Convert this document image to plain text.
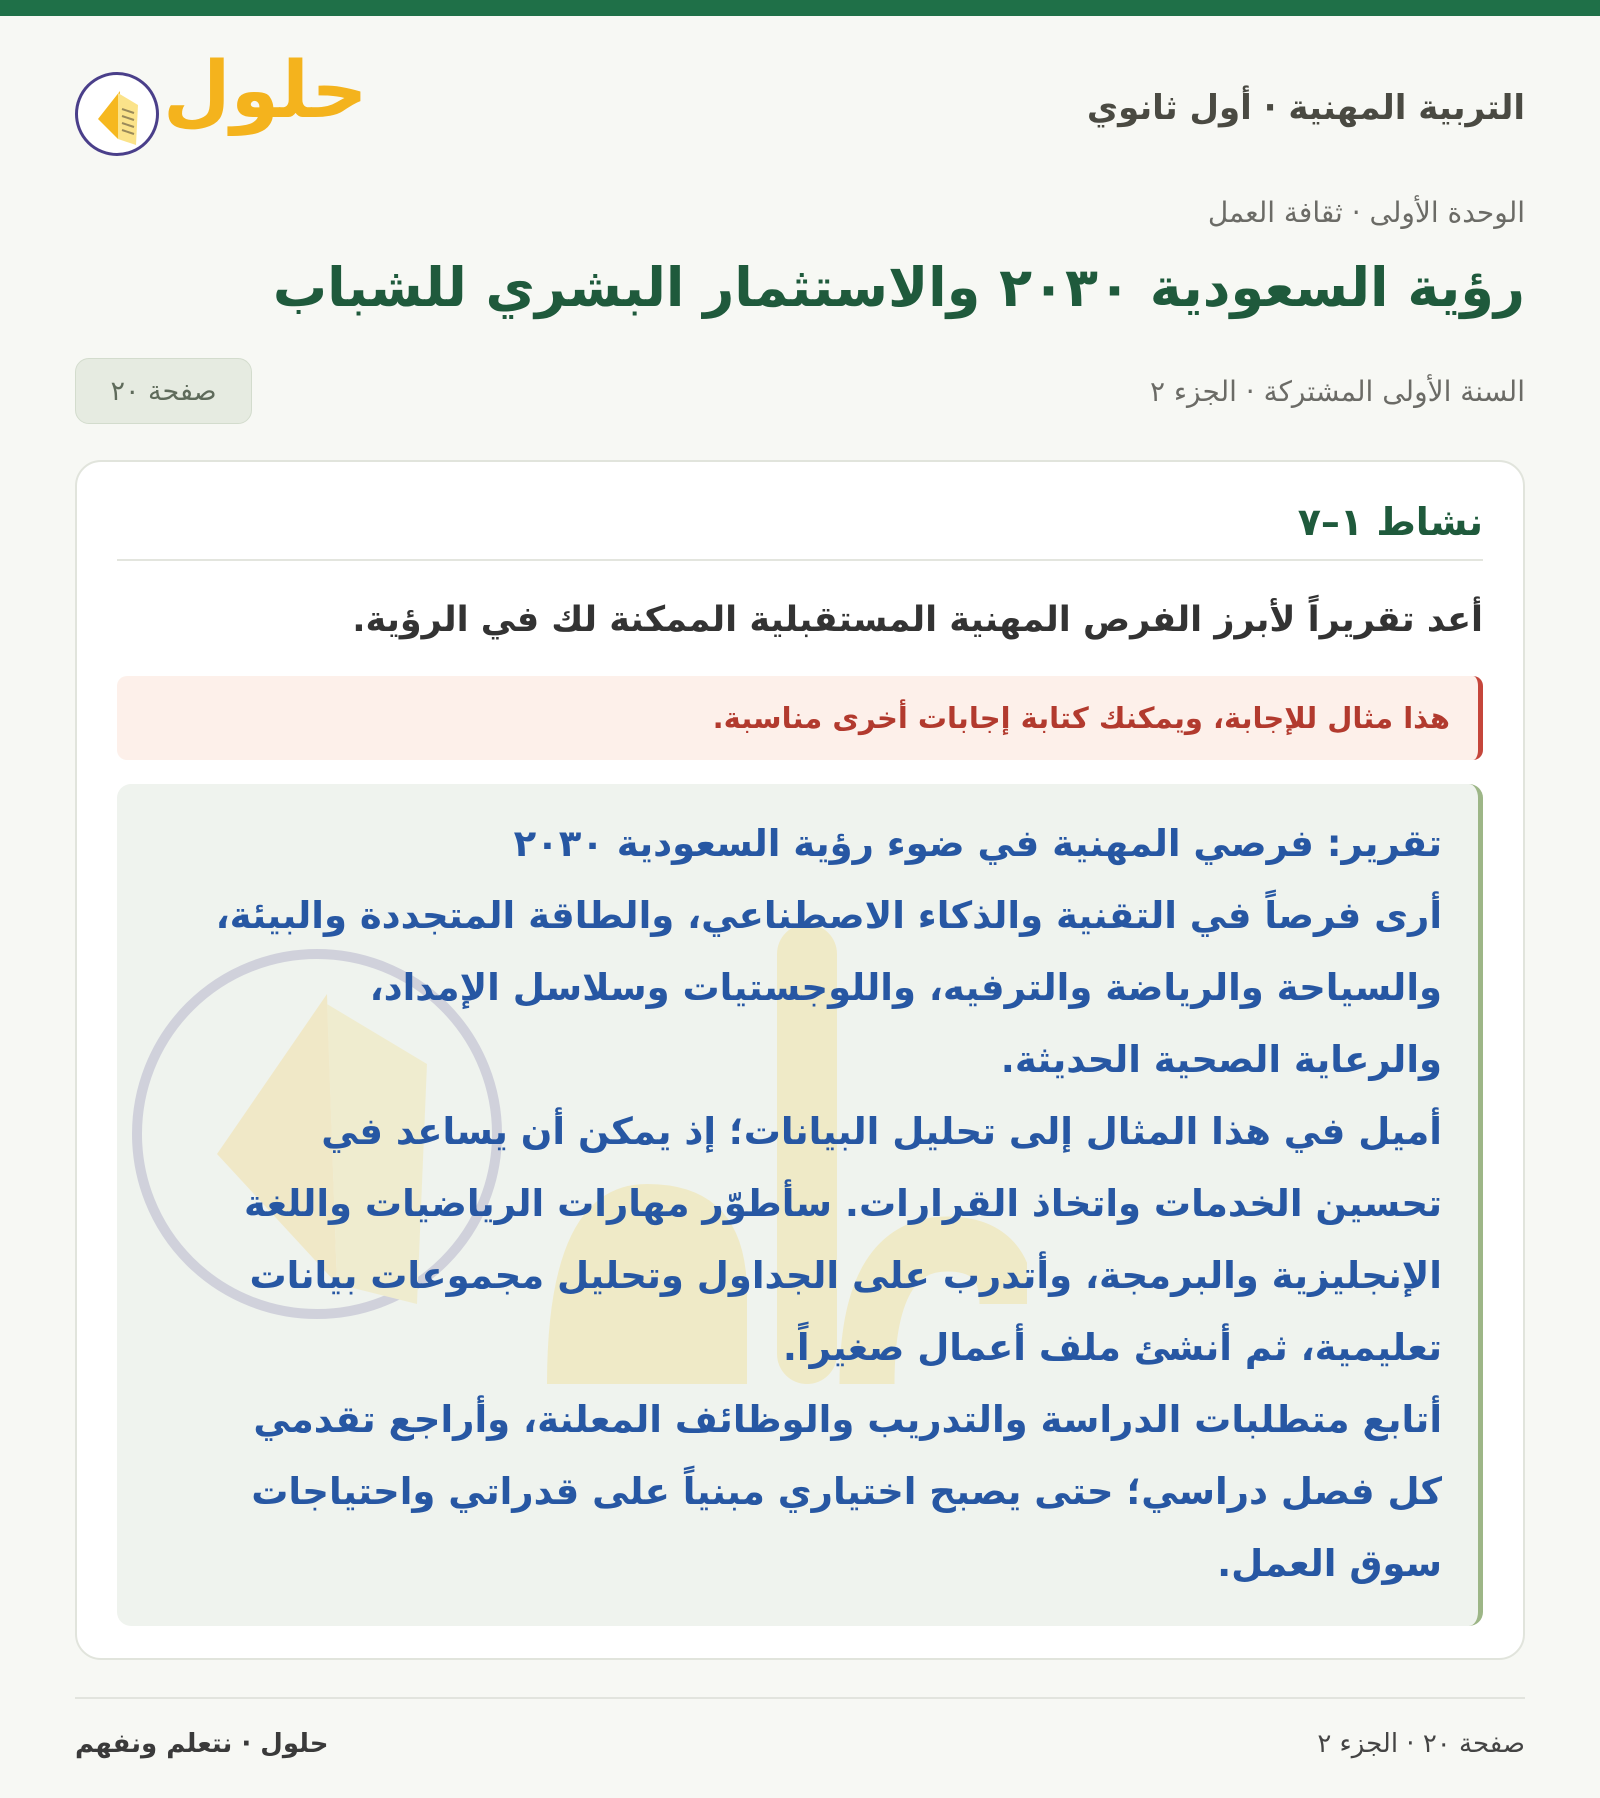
التربية المهنية · أول ثانوي
حلول
الوحدة الأولى · ثقافة العمل
رؤية السعودية ٢٠٣٠ والاستثمار البشري للشباب
السنة الأولى المشتركة · الجزء ٢
صفحة ٢٠
نشاط ١–٧
أعد تقريراً لأبرز الفرص المهنية المستقبلية الممكنة لك في الرؤية.
هذا مثال للإجابة، ويمكنك كتابة إجابات أخرى مناسبة.
تقرير: فرصي المهنية في ضوء رؤية السعودية ٢٠٣٠
أرى فرصاً في التقنية والذكاء الاصطناعي، والطاقة المتجددة والبيئة،
والسياحة والرياضة والترفيه، واللوجستيات وسلاسل الإمداد،
والرعاية الصحية الحديثة.
أميل في هذا المثال إلى تحليل البيانات؛ إذ يمكن أن يساعد في
تحسين الخدمات واتخاذ القرارات. سأطوّر مهارات الرياضيات واللغة
الإنجليزية والبرمجة، وأتدرب على الجداول وتحليل مجموعات بيانات
تعليمية، ثم أنشئ ملف أعمال صغيراً.
أتابع متطلبات الدراسة والتدريب والوظائف المعلنة، وأراجع تقدمي
كل فصل دراسي؛ حتى يصبح اختياري مبنياً على قدراتي واحتياجات
سوق العمل.
صفحة ٢٠ · الجزء ٢
حلول · نتعلم ونفهم
